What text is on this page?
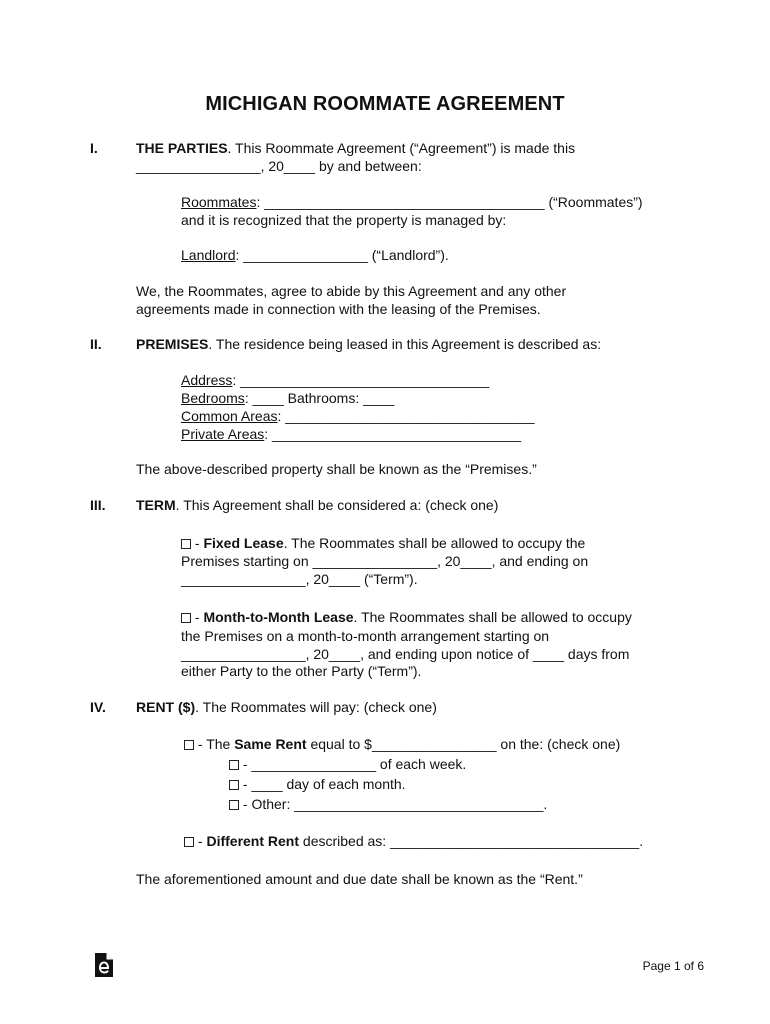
MICHIGAN ROOMMATE AGREEMENT
I.	THE PARTIES. This Roommate Agreement (“Agreement”) is made this
________________, 20____ by and between:
Roommates: ____________________________________ (“Roommates”)
and it is recognized that the property is managed by:
Landlord: ________________ (“Landlord”).
We, the Roommates, agree to abide by this Agreement and any other
agreements made in connection with the leasing of the Premises.
II. PREMISES. The residence being leased in this Agreement is described as:
Address: ________________________________
Bedrooms: ____ Bathrooms: ____
Common Areas: ________________________________
Private Areas: ________________________________
The above-described property shall be known as the “Premises.”
III. TERM. This Agreement shall be considered a: (check one)
- Fixed Lease. The Roommates shall be allowed to occupy the
Premises starting on ________________, 20____, and ending on
________________, 20____ (“Term”).
- Month-to-Month Lease. The Roommates shall be allowed to occupy
the Premises on a month-to-month arrangement starting on
________________, 20____, and ending upon notice of ____ days from
either Party to the other Party (“Term”).
IV. RENT ($). The Roommates will pay: (check one)
- The Same Rent equal to $________________ on the: (check one)
- ________________ of each week.
- ____ day of each month.
- Other: ________________________________.
- Different Rent described as: ________________________________.
The aforementioned amount and due date shall be known as the “Rent.”
Page 1 of 6
